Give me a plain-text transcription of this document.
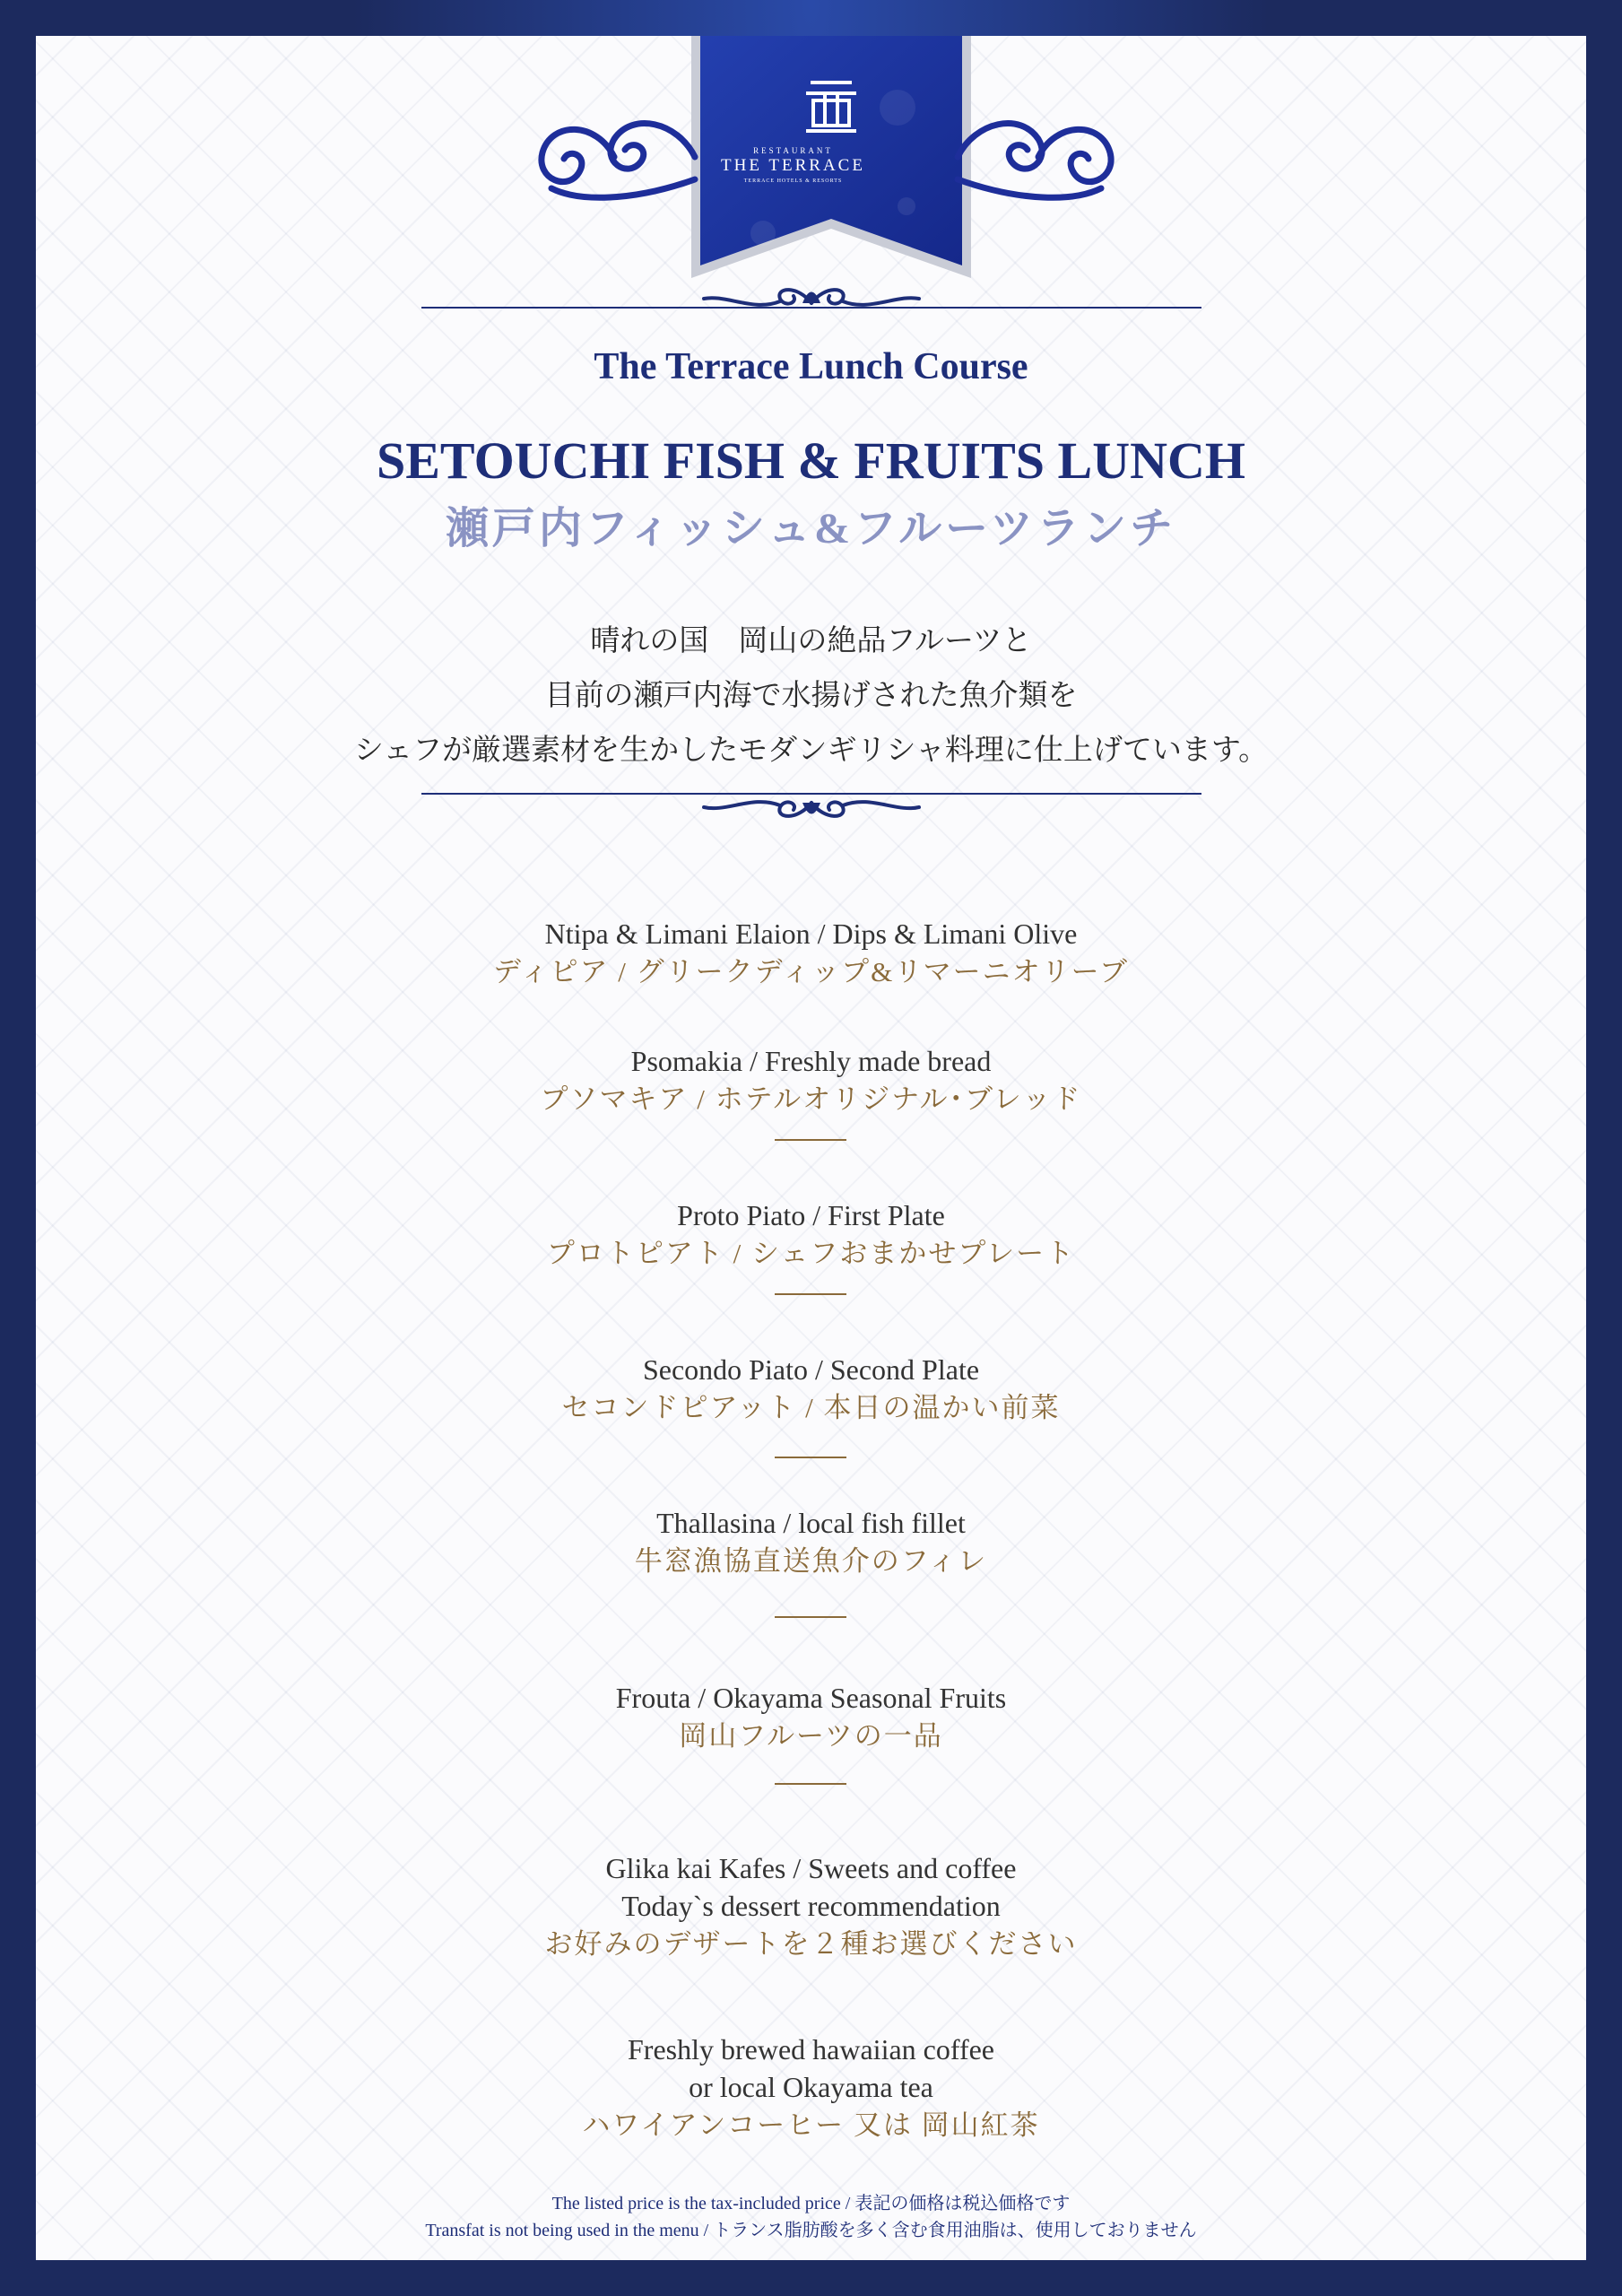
RESTAURANT
THE TERRACE
TERRACE HOTELS & RESORTS
The Terrace Lunch Course
SETOUCHI FISH & FRUITS LUNCH
瀬戸内フィッシュ&フルーツランチ
晴れの国　岡山の絶品フルーツと
目前の瀬戸内海で水揚げされた魚介類を
シェフが厳選素材を生かしたモダンギリシャ料理に仕上げています。
Ntipa & Limani Elaion / Dips & Limani Olive
ディピア / グリークディップ&リマーニオリーブ
Psomakia / Freshly made bread
プソマキア / ホテルオリジナル･ブレッド
Proto Piato / First Plate
プロトピアト / シェフおまかせプレート
Secondo Piato / Second Plate
セコンドピアット / 本日の温かい前菜
Thallasina / local fish fillet
牛窓漁協直送魚介のフィレ
Frouta / Okayama Seasonal Fruits
岡山フルーツの一品
Glika kai Kafes / Sweets and coffee
Today`s dessert recommendation
お好みのデザートを２種お選びください
Freshly brewed hawaiian coffee
or local Okayama tea
ハワイアンコーヒー 又は 岡山紅茶
The listed price is the tax-included price / 表記の価格は税込価格です
Transfat is not being used in the menu / トランス脂肪酸を多く含む食用油脂は、使用しておりません
